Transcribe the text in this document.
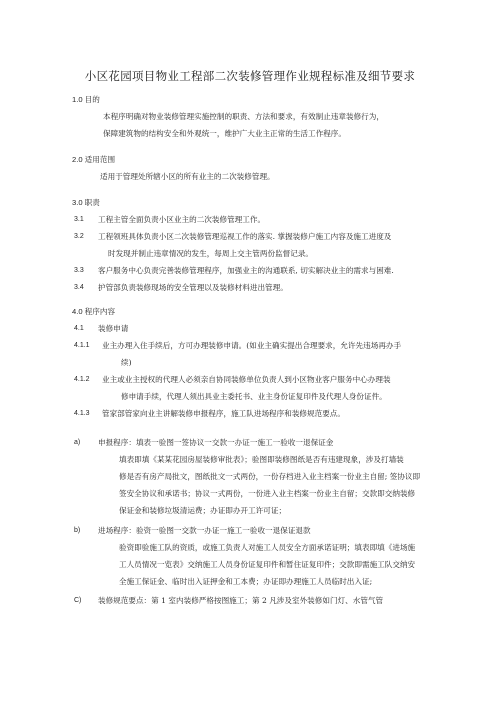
小区花园项目物业工程部二次装修管理作业规程标准及细节要求
1.0 目的
本程序明确对物业装修管理实施控制的职责、方法和要求，有效制止违章装修行为，
保障建筑物的结构安全和外观统一，维护广大业主正常的生活工作程序。
2.0 适用范围
适用于管理处所辖小区的所有业主的二次装修管理。
3.0 职责
3.1 工程主管全面负责小区业主的二次装修管理工作。
3.2 工程领班具体负责小区二次装修管理巡视工作的落实. 掌握装修户施工内容及施工进度及
时发现并制止违章情况的发生，每周上交主管两份监督记录。
3.3 客户服务中心负责完善装修管理程序，加强业主的沟通联系, 切实解决业主的需求与困难.
3.4 护管部负责装修现场的安全管理以及装修材料进出管理。
4.0 程序内容
4.1 装修申请
4.1.1 业主办理入住手续后，方可办理装修申请。(如业主确实提出合理要求，允许先违场再办手
续)
4.1.2 业主或业主授权的代理人必须亲自协同装修单位负责人到小区物业客户服务中心办理装
修申请手续，代理人须出具业主委托书、业主身份证复印件及代理人身份证件。
4.1.3 管家部管家向业主讲解装修申报程序，施工队进场程序和装修规范要点。
a) 申报程序：填表一验图一签协议一交款一办证一施工一验收一退保证金
填表即填《某某花园房屋装修审批表》；验图即装修图纸是否有违建现象，涉及打墙装
修是否有房产局批文，图纸批文一式两份，一份存档进入业主档案一份业主自留; 签协议即
签安全协议和承诺书；协议一式两份，一份进入业主档案一份业主自留；交款即交纳装修
保证金和装修垃圾清运费；办证即办开工许可证；
b) 进场程序：验资一验图一交款一办证一施工一验收一退保证退款
验资即验施工队的资质，或施工负责人对施工人员安全方面承诺证明；填表即填《进场施
工人员情况一览表》交纳施工人员身份证复印件和暂住证复印件；交款即需施工队交纳安
全施工保证金、临时出入证押金和工本费；办证即办理施工人员临时出入证;
C) 装修规范要点：第 1 室内装修严格按图施工；第 2 凡涉及室外装修如门灯、水管气管
